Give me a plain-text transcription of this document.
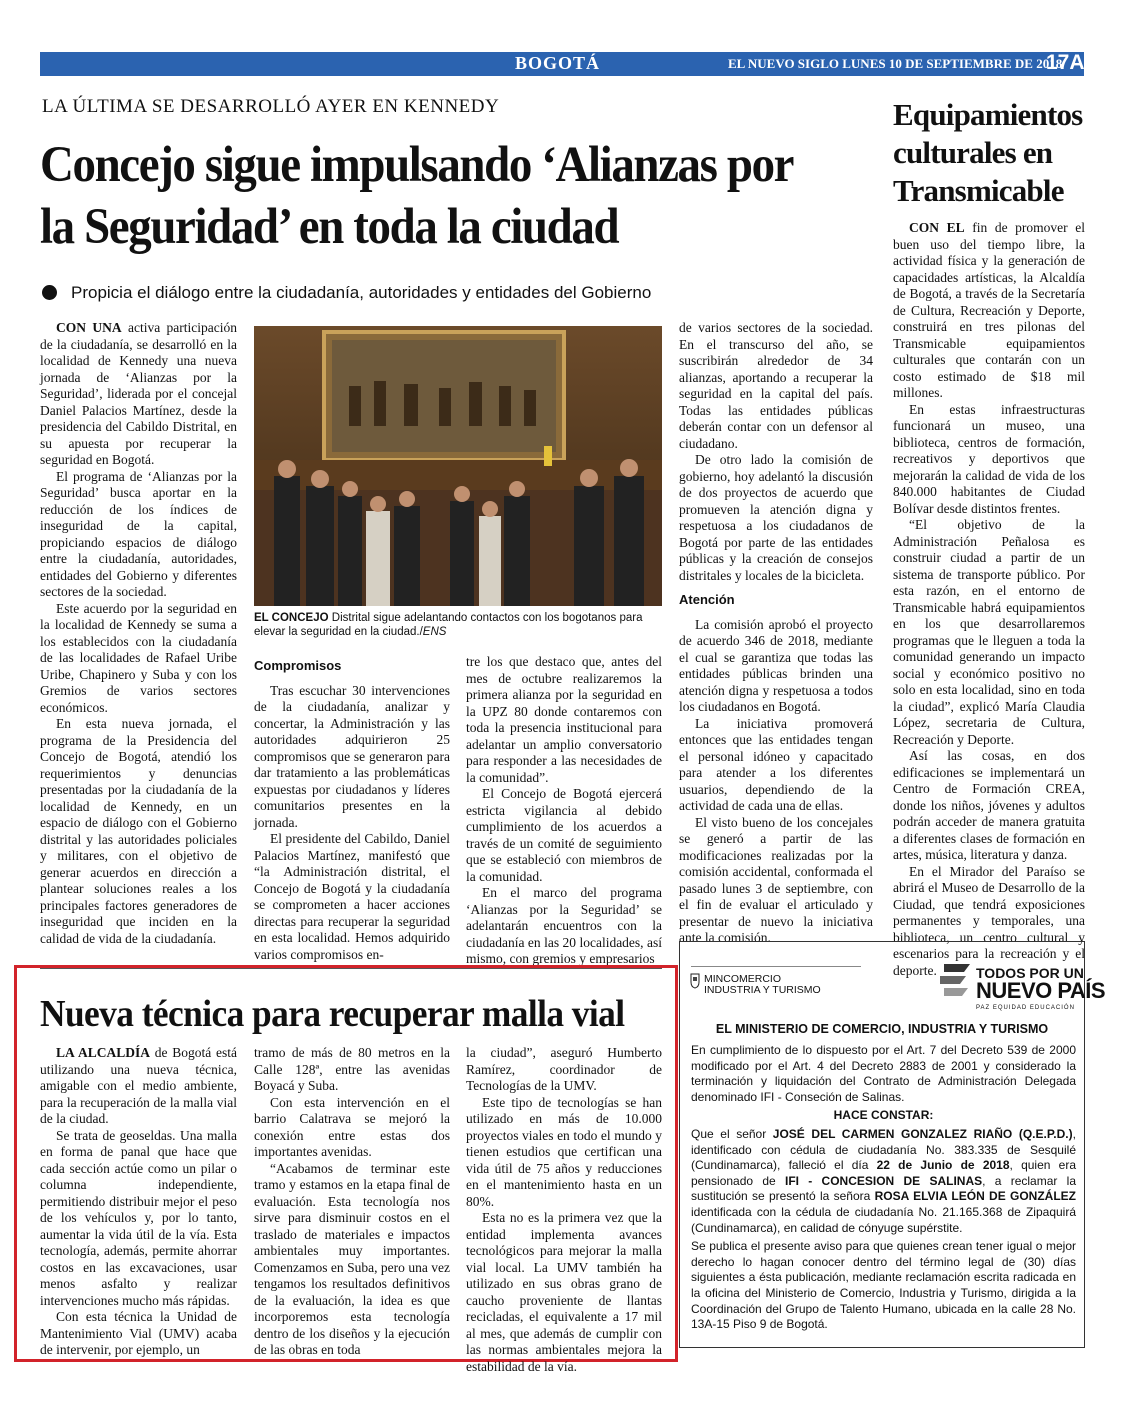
BOGOTÁ	EL NUEVO SIGLO LUNES 10 DE SEPTIEMBRE DE 2018
17A
LA ÚLTIMA SE DESARROLLÓ AYER EN KENNEDY
Concejo sigue impulsando ‘Alianzas por la Seguridad’ en toda la ciudad
Propicia el diálogo entre la ciudadanía, autoridades y entidades del Gobierno

CON UNA activa participación de la ciudadanía, se desarrolló en la localidad de Kennedy una nueva jornada de ‘Alianzas por la Seguridad’, liderada por el concejal Daniel Palacios Martínez, desde la presidencia del Cabildo Distrital, en su apuesta por recuperar la seguridad en Bogotá.

El programa de ‘Alianzas por la Seguridad’ busca aportar en la reducción de los índices de inseguridad de la capital, propiciando espacios de diálogo entre la ciudadanía, autoridades, entidades del Gobierno y diferentes sectores de la sociedad.

Este acuerdo por la seguridad en la localidad de Kennedy se suma a los establecidos con la ciudadanía de las localidades de Rafael Uribe Uribe, Chapinero y Suba y con los Gremios de varios sectores económicos.

En esta nueva jornada, el programa de la Presidencia del Concejo de Bogotá, atendió los requerimientos y denuncias presentadas por la ciudadanía de la localidad de Kennedy, en un espacio de diálogo con el Gobierno distrital y las autoridades policiales y militares, con el objetivo de generar acuerdos en dirección a plantear soluciones reales a los principales factores generadores de inseguridad que inciden en la calidad de vida de la ciudadanía.

EL CONCEJO Distrital sigue adelantando contactos con los bogotanos para elevar la seguridad en la ciudad./ENS
Compromisos

Tras escuchar 30 intervenciones de la ciudadanía, analizar y concertar, la Administración y las autoridades adquirieron 25 compromisos que se generaron para dar tratamiento a las problemáticas expuestas por ciudadanos y líderes comunitarios presentes en la jornada.

El presidente del Cabildo, Daniel Palacios Martínez, manifestó que “la Administración distrital, el Concejo de Bogotá y la ciudadanía se comprometen a hacer acciones directas para recuperar la seguridad en esta localidad. Hemos adquirido varios compromisos en-

tre los que destaco que, antes del mes de octubre realizaremos la primera alianza por la seguridad en la UPZ 80 donde contaremos con toda la presencia institucional para adelantar un amplio conversatorio para responder a las necesidades de la comunidad”.

El Concejo de Bogotá ejercerá estricta vigilancia al debido cumplimiento de los acuerdos a través de un comité de seguimiento que se estableció con miembros de la comunidad.

En el marco del programa ‘Alianzas por la Seguridad’ se adelantarán encuentros con la ciudadanía en las 20 localidades, así mismo, con gremios y empresarios

de varios sectores de la sociedad. En el transcurso del año, se suscribirán alrededor de 34 alianzas, aportando a recuperar la seguridad en la capital del país. Todas las entidades públicas deberán contar con un defensor al ciudadano.

De otro lado la comisión de gobierno, hoy adelantó la discusión de dos proyectos de acuerdo que promueven la atención digna y respetuosa a los ciudadanos de Bogotá por parte de las entidades públicas y la creación de consejos distritales y locales de la bicicleta.

Atención

La comisión aprobó el proyecto de acuerdo 346 de 2018, mediante el cual se garantiza que todas las entidades públicas brinden una atención digna y respetuosa a todos los ciudadanos en Bogotá.

La iniciativa promoverá entonces que las entidades tengan el personal idóneo y capacitado para atender a los diferentes usuarios, dependiendo de la actividad de cada una de ellas.

El visto bueno de los concejales se generó a partir de las modificaciones realizadas por la comisión accidental, conformada el pasado lunes 3 de septiembre, con el fin de evaluar el articulado y presentar de nuevo la iniciativa ante la comisión.

Equipamientos culturales en Transmicable

CON EL fin de promover el buen uso del tiempo libre, la actividad física y la generación de capacidades artísticas, la Alcaldía de Bogotá, a través de la Secretaría de Cultura, Recreación y Deporte, construirá en tres pilonas del Transmicable equipamientos culturales que contarán con un costo estimado de $18 mil millones.

En estas infraestructuras funcionará un museo, una biblioteca, centros de formación, recreativos y deportivos que mejorarán la calidad de vida de los 840.000 habitantes de Ciudad Bolívar desde distintos frentes.

“El objetivo de la Administración Peñalosa es construir ciudad a partir de un sistema de transporte público. Por esta razón, en el entorno de Transmicable habrá equipamientos en los que desarrollaremos programas que le lleguen a toda la comunidad generando un impacto social y económico positivo no solo en esta localidad, sino en toda la ciudad”, explicó María Claudia López, secretaria de Cultura, Recreación y Deporte.

Así las cosas, en dos edificaciones se implementará un Centro de Formación CREA, donde los niños, jóvenes y adultos podrán acceder de manera gratuita a diferentes clases de formación en artes, música, literatura y danza.

En el Mirador del Paraíso se abrirá el Museo de Desarrollo de la Ciudad, que tendrá exposiciones permanentes y temporales, una biblioteca, un centro cultural y escenarios para la recreación y el deporte.

Nueva técnica para recuperar malla vial

LA ALCALDÍA de Bogotá está utilizando una nueva técnica, amigable con el medio ambiente, para la recuperación de la malla vial de la ciudad.

Se trata de geoseldas. Una malla en forma de panal que hace que cada sección actúe como un pilar o columna independiente, permitiendo distribuir mejor el peso de los vehículos y, por lo tanto, aumentar la vida útil de la vía. Esta tecnología, además, permite ahorrar costos en las excavaciones, usar menos asfalto y realizar intervenciones mucho más rápidas.

Con esta técnica la Unidad de Mantenimiento Vial (UMV) acaba de intervenir, por ejemplo, un

tramo de más de 80 metros en la Calle 128ª, entre las avenidas Boyacá y Suba.

Con esta intervención en el barrio Calatrava se mejoró la conexión entre estas dos importantes avenidas.

“Acabamos de terminar este tramo y estamos en la etapa final de evaluación. Esta tecnología nos sirve para disminuir costos en el traslado de materiales e impactos ambientales muy importantes. Comenzamos en Suba, pero una vez tengamos los resultados definitivos de la evaluación, la idea es que incorporemos esta tecnología dentro de los diseños y la ejecución de las obras en toda

la ciudad”, aseguró Humberto Ramírez, coordinador de Tecnologías de la UMV.

Este tipo de tecnologías se han utilizado en más de 10.000 proyectos viales en todo el mundo y tienen estudios que certifican una vida útil de 75 años y reducciones en el mantenimiento hasta en un 80%.

Esta no es la primera vez que la entidad implementa avances tecnológicos para mejorar la malla vial local. La UMV también ha utilizado en sus obras grano de caucho proveniente de llantas recicladas, el equivalente a 17 mil al mes, que además de cumplir con las normas ambientales mejora la estabilidad de la vía.

MINCOMERCIO
INDUSTRIA Y TURISMO
TODOS POR UN
NUEVO PAÍS
PAZ EQUIDAD EDUCACIÓN
EL MINISTERIO DE COMERCIO, INDUSTRIA Y TURISMO

En cumplimiento de lo dispuesto por el Art. 7 del Decreto 539 de 2000 modificado por el Art. 4 del Decreto 2883 de 2001 y considerado la terminación y liquidación del Contrato de Administración Delegada denominado IFI - Conseción de Salinas.

HACE CONSTAR:

Que el señor JOSÉ DEL CARMEN GONZALEZ RIAÑO (Q.E.P.D.), identificado con cédula de ciudadanía No. 383.335 de Sesquilé (Cundinamarca), falleció el día 22 de Junio de 2018, quien era pensionado de IFI - CONCESION DE SALINAS, a reclamar la sustitución se presentó la señora ROSA ELVIA LEÓN DE GONZÁLEZ identificada con la cédula de ciudadanía No. 21.165.368 de Zipaquirá (Cundinamarca), en calidad de cónyuge supérstite.

Se publica el presente aviso para que quienes crean tener igual o mejor derecho lo hagan conocer dentro del término legal de (30) días siguientes a ésta publicación, mediante reclamación escrita radicada en la oficina del Ministerio de Comercio, Industria y Turismo, dirigida a la Coordinación del Grupo de Talento Humano, ubicada en la calle 28 No. 13A-15 Piso 9 de Bogotá.
